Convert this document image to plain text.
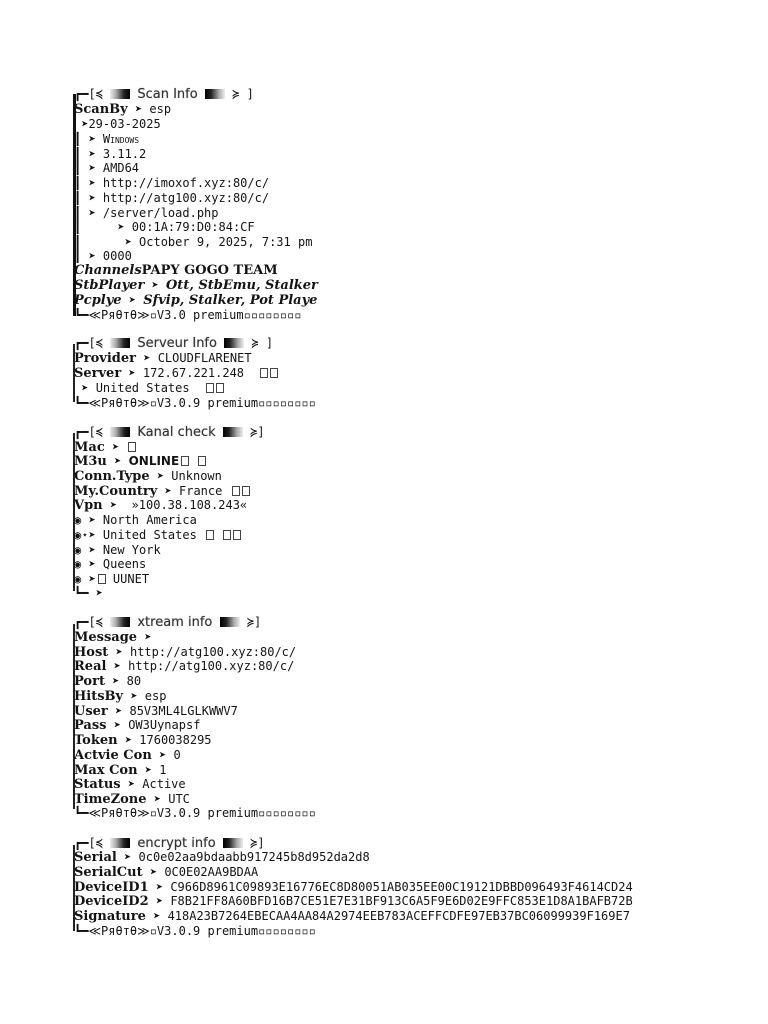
┏━[≼  Scan Info  ≽ ]
ScanBy ➤ esp
➤29-03-2025
┃ ➤ Windows
┃ ➤ 3.11.2
┃ ➤ AMD64
┃ ➤ http://imoxof.xyz:80/c/
┃ ➤ http://atg100.xyz:80/c/
┃ ➤ /server/load.php
┃     ➤ 00:1A:79:D0:84:CF
┃      ➤ October 9, 2025, 7:31 pm
┃ ➤ 0000
ChannelsPAPY GOGO TEAM
StbPlayer ➤ Ott, StbEmu, Stalker
Pcplye ➤ Sfvip, Stalker, Pot Playe
┗━≪Pяθтθ≫▫V3.0 premium▫▫▫▫▫▫▫▫
┏━[≼  Serveur Info  ≽ ]
Provider ➤ CLOUDFLARENET
Server ➤ 172.67.221.248
➤ United States
┗━≪Pяθтθ≫▫V3.0.9 premium▫▫▫▫▫▫▫▫
┏━[≼  Kanal check  ≽]
Mac ➤
M3u ➤ ONLINE
Conn.Type ➤ Unknown
My.Country ➤ France
Vpn ➤  »100.38.108.243«
◉ ➤ North America
◉⋆➤ United States
◉ ➤ New York
◉ ➤ Queens
◉ ➤ UUNET
┗━ ➤
┏━[≼  xtream info  ≽]
Message ➤
Host ➤ http://atg100.xyz:80/c/
Real ➤ http://atg100.xyz:80/c/
Port ➤ 80
HitsBy ➤ esp
User ➤ 85V3ML4LGLKWWV7
Pass ➤ OW3Uynapsf
Token ➤ 1760038295
Actvie Con ➤ 0
Max Con ➤ 1
Status ➤ Active
TimeZone ➤ UTC
┗━≪Pяθтθ≫▫V3.0.9 premium▫▫▫▫▫▫▫▫
┏━[≼  encrypt info  ≽]
Serial ➤ 0c0e02aa9bdaabb917245b8d952da2d8
SerialCut ➤ 0C0E02AA9BDAA
DeviceID1 ➤ C966D8961C09893E16776EC8D80051AB035EE00C19121DBBD096493F4614CD24
DeviceID2 ➤ F8B21FF8A60BFD16B7CE51E7E31BF913C6A5F9E6D02E9FFC853E1D8A1BAFB72B
Signature ➤ 418A23B7264EBECAA4AA84A2974EEB783ACEFFCDFE97EB37BC06099939F169E7
┗━≪Pяθтθ≫▫V3.0.9 premium▫▫▫▫▫▫▫▫
